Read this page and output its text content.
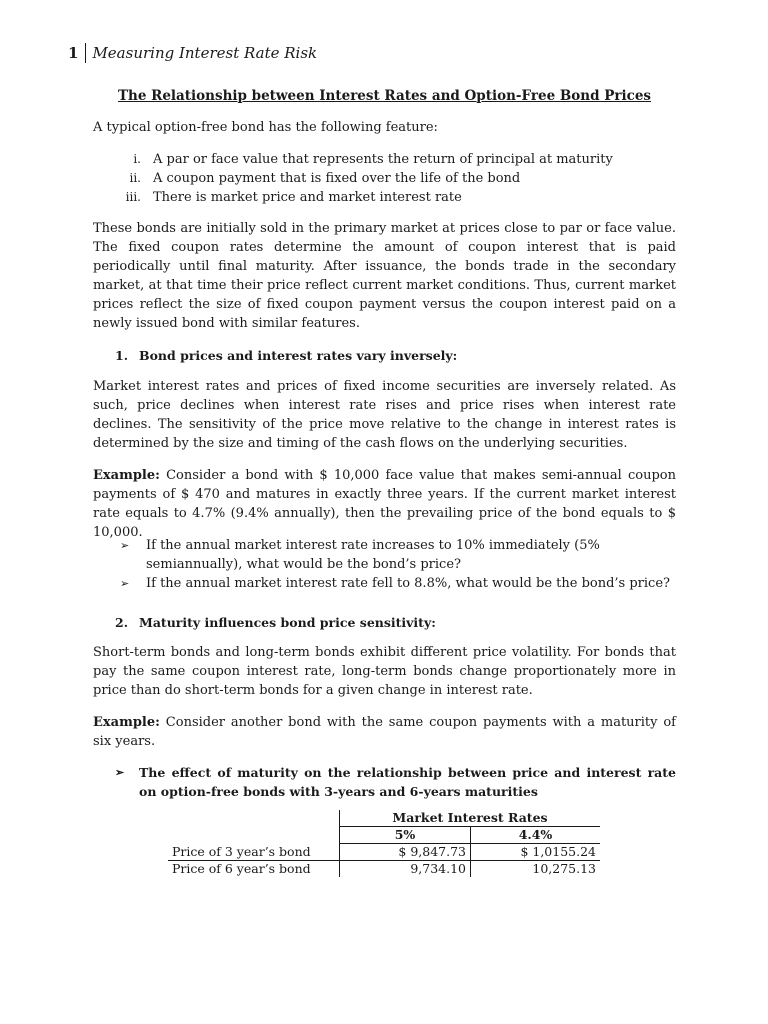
1 Measuring Interest Rate Risk
The Relationship between Interest Rates and Option-Free Bond Prices
A typical option-free bond has the following feature:
i. A par or face value that represents the return of principal at maturity
ii. A coupon payment that is fixed over the life of the bond
iii. There is market price and market interest rate
These bonds are initially sold in the primary market at prices close to par or face value. The fixed coupon rates determine the amount of coupon interest that is paid periodically until final maturity. After issuance, the bonds trade in the secondary market, at that time their price reflect current market conditions. Thus, current market prices reflect the size of fixed coupon payment versus the coupon interest paid on a newly issued bond with similar features.
1. Bond prices and interest rates vary inversely:
Market interest rates and prices of fixed income securities are inversely related. As such, price declines when interest rate rises and price rises when interest rate declines. The sensitivity of the price move relative to the change in interest rates is determined by the size and timing of the cash flows on the underlying securities.
Example: Consider a bond with $ 10,000 face value that makes semi-annual coupon payments of $ 470 and matures in exactly three years. If the current market interest rate equals to 4.7% (9.4% annually), then the prevailing price of the bond equals to $ 10,000.
➢	If the annual market interest rate increases to 10% immediately (5% semiannually), what would be the bond’s price?
➢	If the annual market interest rate fell to 8.8%, what would be the bond’s price?
2. Maturity influences bond price sensitivity:
Short-term bonds and long-term bonds exhibit different price volatility. For bonds that pay the same coupon interest rate, long-term bonds change proportionately more in price than do short-term bonds for a given change in interest rate.
Example: Consider another bond with the same coupon payments with a maturity of six years.
➢	The effect of maturity on the relationship between price and interest rate on option-free bonds with 3-years and 6-years maturities
	Market Interest Rates	
	5%	4.4%
Price of 3 year’s bond	$ 9,847.73	$ 1,0155.24
Price of 6 year’s bond	9,734.10	10,275.13
